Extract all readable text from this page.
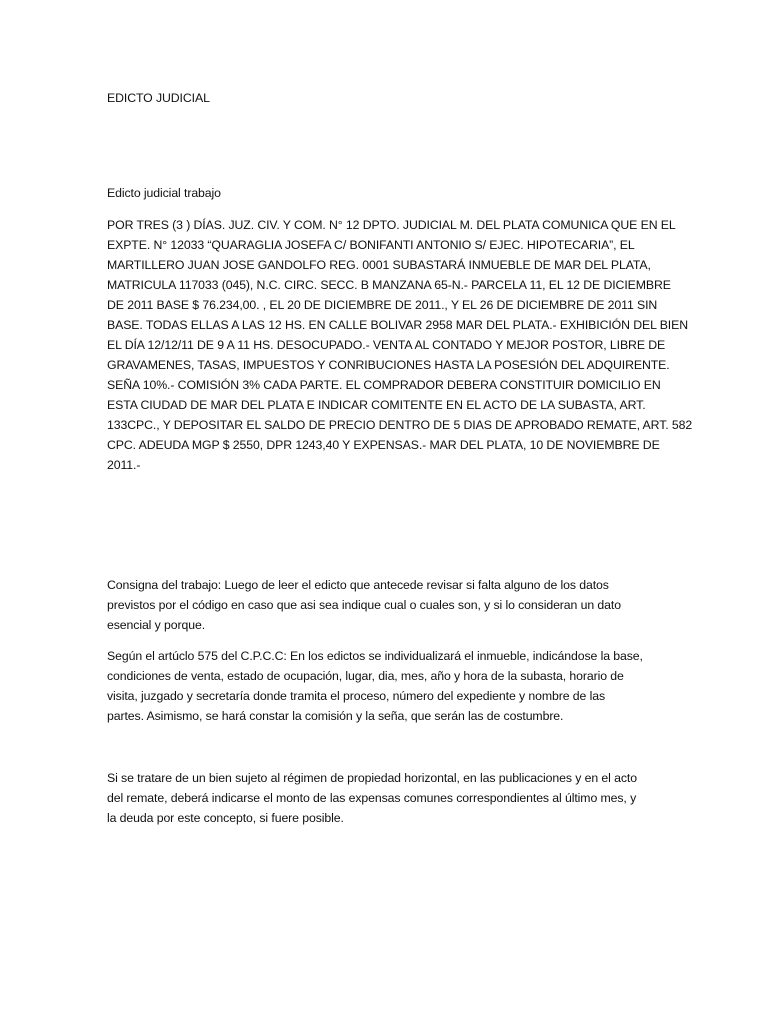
EDICTO JUDICIAL

Edicto judicial trabajo

POR TRES (3 ) DÍAS. JUZ. CIV. Y COM. N° 12 DPTO. JUDICIAL M. DEL PLATA COMUNICA QUE EN EL
EXPTE. N° 12033 “QUARAGLIA JOSEFA C/ BONIFANTI ANTONIO S/ EJEC. HIPOTECARIA”, EL
MARTILLERO JUAN JOSE GANDOLFO REG. 0001 SUBASTARÁ INMUEBLE DE MAR DEL PLATA,
MATRICULA 117033 (045), N.C. CIRC. SECC. B MANZANA 65-N.- PARCELA 11, EL 12 DE DICIEMBRE
DE 2011 BASE $ 76.234,00. , EL 20 DE DICIEMBRE DE 2011., Y EL 26 DE DICIEMBRE DE 2011 SIN
BASE. TODAS ELLAS A LAS 12 HS. EN CALLE BOLIVAR 2958 MAR DEL PLATA.- EXHIBICIÓN DEL BIEN
EL DÍA 12/12/11 DE 9 A 11 HS. DESOCUPADO.- VENTA AL CONTADO Y MEJOR POSTOR, LIBRE DE
GRAVAMENES, TASAS, IMPUESTOS Y CONRIBUCIONES HASTA LA POSESIÓN DEL ADQUIRENTE.
SEÑA 10%.- COMISIÓN 3% CADA PARTE. EL COMPRADOR DEBERA CONSTITUIR DOMICILIO EN
ESTA CIUDAD DE MAR DEL PLATA E INDICAR COMITENTE EN EL ACTO DE LA SUBASTA, ART.
133CPC., Y DEPOSITAR EL SALDO DE PRECIO DENTRO DE 5 DIAS DE APROBADO REMATE, ART. 582
CPC. ADEUDA MGP $ 2550, DPR 1243,40 Y EXPENSAS.- MAR DEL PLATA, 10 DE NOVIEMBRE DE
2011.-

Consigna del trabajo: Luego de leer el edicto que antecede revisar si falta alguno de los datos
previstos por el código en caso que asi sea indique cual o cuales son, y si lo consideran un dato
esencial y porque.

Según el artúclo 575 del C.P.C.C: En los edictos se individualizará el inmueble, indicándose la base,
condiciones de venta, estado de ocupación, lugar, dia, mes, año y hora de la subasta, horario de
visita, juzgado y secretaría donde tramita el proceso, número del expediente y nombre de las
partes. Asimismo, se hará constar la comisión y la seña, que serán las de costumbre.

Si se tratare de un bien sujeto al régimen de propiedad horizontal, en las publicaciones y en el acto
del remate, deberá indicarse el monto de las expensas comunes correspondientes al último mes, y
la deuda por este concepto, si fuere posible.
